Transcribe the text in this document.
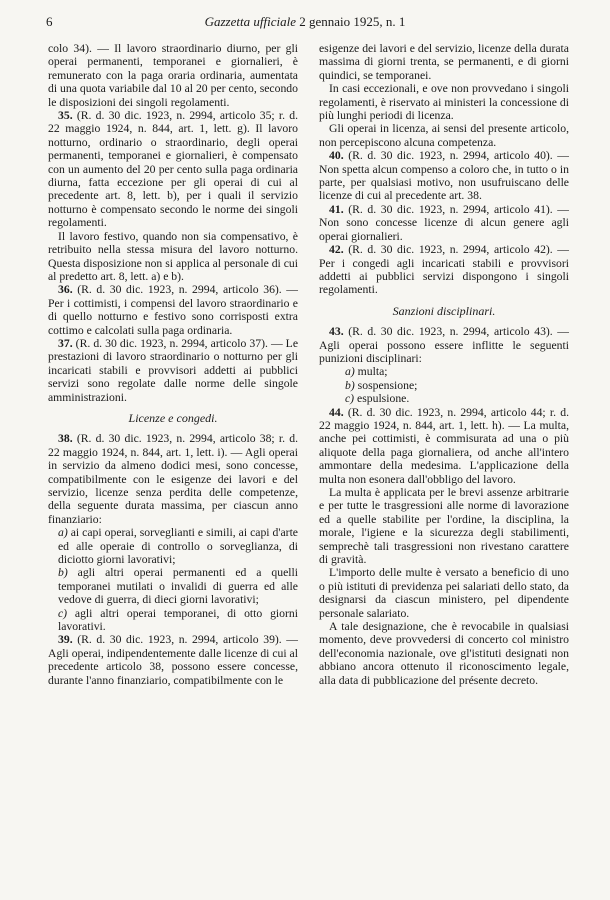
6	Gazzetta ufficiale 2 gennaio 1925, n. 1

colo 34). — Il lavoro straordinario diurno, per gli operai permanenti, temporanei e giornalieri, è remunerato con la paga oraria ordinaria, aumentata di una quota variabile dal 10 al 20 per cento, secondo le disposizioni dei singoli regolamenti.

35. (R. d. 30 dic. 1923, n. 2994, articolo 35; r. d. 22 maggio 1924, n. 844, art. 1, lett. g). Il lavoro notturno, ordinario o straordinario, degli operai permanenti, temporanei e giornalieri, è compensato con un aumento del 20 per cento sulla paga ordinaria diurna, fatta eccezione per gli operai di cui al precedente art. 8, lett. b), per i quali il servizio notturno è compensato secondo le norme dei singoli regolamenti.

Il lavoro festivo, quando non sia compensativo, è retribuito nella stessa misura del lavoro notturno. Questa disposizione non si applica al personale di cui al predetto art. 8, lett. a) e b).

36. (R. d. 30 dic. 1923, n. 2994, articolo 36). — Per i cottimisti, i compensi del lavoro straordinario e di quello notturno e festivo sono corrisposti extra cottimo e calcolati sulla paga ordinaria.

37. (R. d. 30 dic. 1923, n. 2994, articolo 37). — Le prestazioni di lavoro straordinario o notturno per gli incaricati stabili e provvisori addetti ai pubblici servizi sono regolate dalle norme delle singole amministrazioni.

Licenze e congedi.

38. (R. d. 30 dic. 1923, n. 2994, articolo 38; r. d. 22 maggio 1924, n. 844, art. 1, lett. i). — Agli operai in servizio da almeno dodici mesi, sono concesse, compatibilmente con le esigenze dei lavori e del servizio, licenze senza perdita delle competenze, della seguente durata massima, per ciascun anno finanziario:

a) ai capi operai, sorveglianti e simili, ai capi d'arte ed alle operaie di controllo o sorveglianza, di diciotto giorni lavorativi;

b) agli altri operai permanenti ed a quelli temporanei mutilati o invalidi di guerra ed alle vedove di guerra, di dieci giorni lavorativi;

c) agli altri operai temporanei, di otto giorni lavorativi.

39. (R. d. 30 dic. 1923, n. 2994, articolo 39). — Agli operai, indipendentemente dalle licenze di cui al precedente articolo 38, possono essere concesse, durante l'anno finanziario, compatibilmente con le

esigenze dei lavori e del servizio, licenze della durata massima di giorni trenta, se permanenti, e di giorni quindici, se temporanei.

In casi eccezionali, e ove non provvedano i singoli regolamenti, è riservato ai ministeri la concessione di più lunghi periodi di licenza.

Gli operai in licenza, ai sensi del presente articolo, non percepiscono alcuna competenza.

40. (R. d. 30 dic. 1923, n. 2994, articolo 40). — Non spetta alcun compenso a coloro che, in tutto o in parte, per qualsiasi motivo, non usufruiscano delle licenze di cui al precedente art. 38.

41. (R. d. 30 dic. 1923, n. 2994, articolo 41). — Non sono concesse licenze di alcun genere agli operai giornalieri.

42. (R. d. 30 dic. 1923, n. 2994, articolo 42). — Per i congedi agli incaricati stabili e provvisori addetti ai pubblici servizi dispongono i singoli regolamenti.

Sanzioni disciplinari.

43. (R. d. 30 dic. 1923, n. 2994, articolo 43). — Agli operai possono essere inflitte le seguenti punizioni disciplinari:

a) multa;

b) sospensione;

c) espulsione.

44. (R. d. 30 dic. 1923, n. 2994, articolo 44; r. d. 22 maggio 1924, n. 844, art. 1, lett. h). — La multa, anche pei cottimisti, è commisurata ad una o più aliquote della paga giornaliera, od anche all'intero ammontare della medesima. L'applicazione della multa non esonera dall'obbligo del lavoro.

La multa è applicata per le brevi assenze arbitrarie e per tutte le trasgressioni alle norme di lavorazione ed a quelle stabilite per l'ordine, la disciplina, la morale, l'igiene e la sicurezza degli stabilimenti, semprechè tali trasgressioni non rivestano carattere di gravità.

L'importo delle multe è versato a beneficio di uno o più istituti di previdenza pei salariati dello stato, da designarsi da ciascun ministero, pel dipendente personale salariato.

A tale designazione, che è revocabile in qualsiasi momento, deve provvedersi di concerto col ministro dell'economia nazionale, ove gl'istituti designati non abbiano ancora ottenuto il riconoscimento legale, alla data di pubblicazione del présente decreto.
